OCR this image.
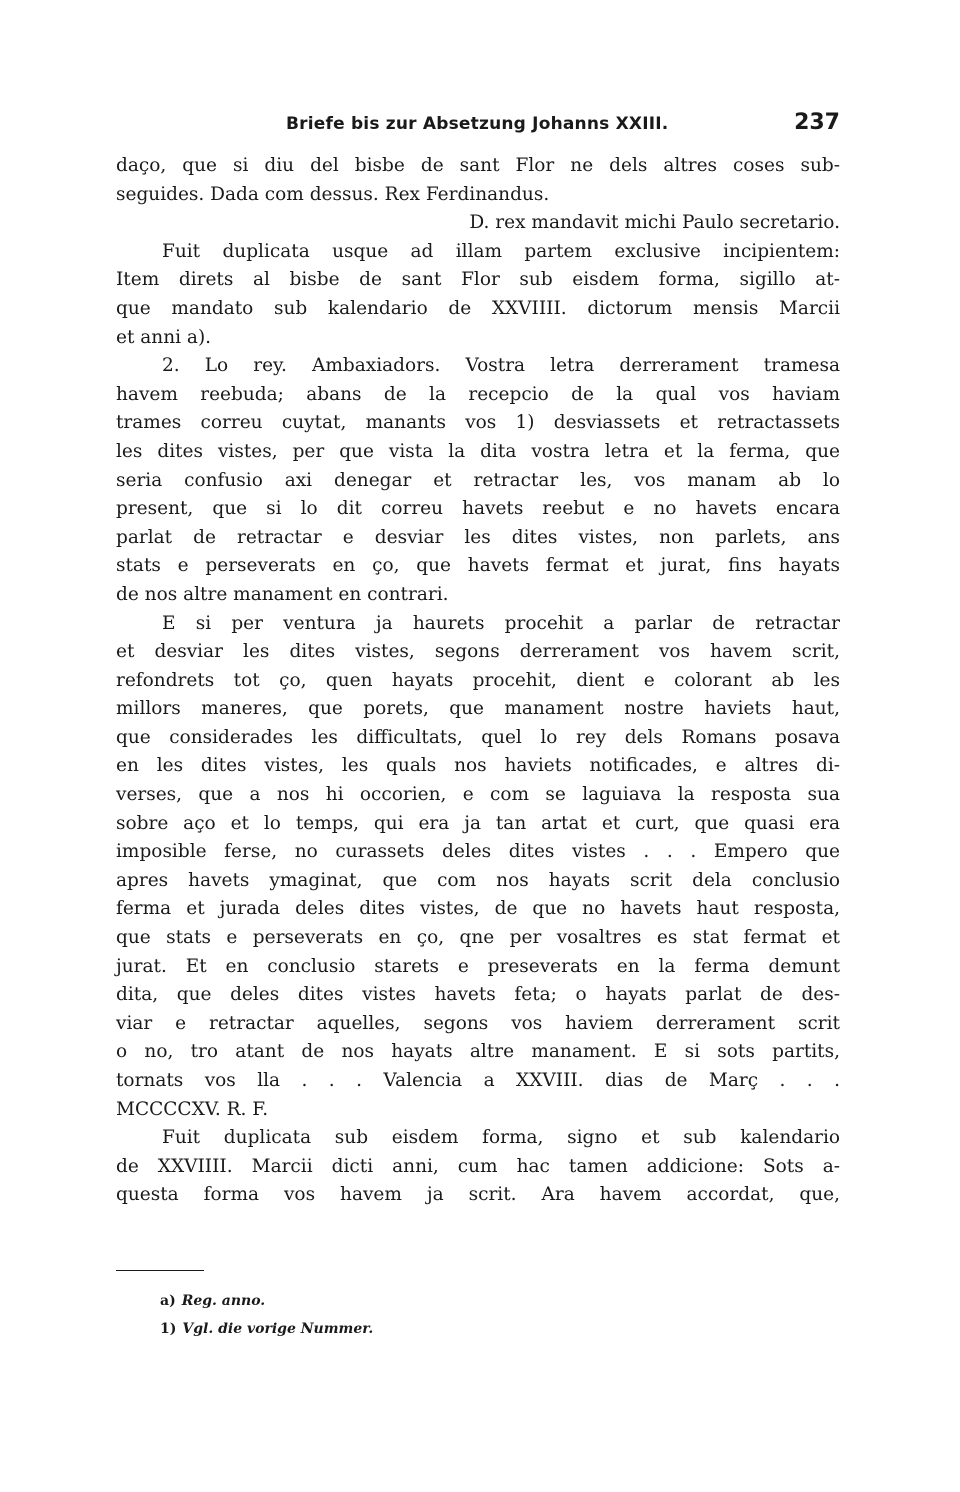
Briefe bis zur Absetzung Johanns XXIII.	237

daço, que si diu del bisbe de sant Flor ne dels altres coses sub-

seguides. Dada com dessus. Rex Ferdinandus.

D. rex mandavit michi Paulo secretario.

Fuit duplicata usque ad illam partem exclusive incipientem:

Item direts al bisbe de sant Flor sub eisdem forma, sigillo at-

que mandato sub kalendario de XXVIIII. dictorum mensis Marcii

et anni a).

2. Lo rey. Ambaxiadors. Vostra letra derrerament tramesa

havem reebuda; abans de la recepcio de la qual vos haviam

trames correu cuytat, manants vos 1) desviassets et retractassets

les dites vistes, per que vista la dita vostra letra et la ferma, que

seria confusio axi denegar et retractar les, vos manam ab lo

present, que si lo dit correu havets reebut e no havets encara

parlat de retractar e desviar les dites vistes, non parlets, ans

stats e perseverats en ço, que havets fermat et jurat, fins hayats

de nos altre manament en contrari.

E si per ventura ja haurets procehit a parlar de retractar

et desviar les dites vistes, segons derrerament vos havem scrit,

refondrets tot ço, quen hayats procehit, dient e colorant ab les

millors maneres, que porets, que manament nostre haviets haut,

que considerades les difficultats, quel lo rey dels Romans posava

en les dites vistes, les quals nos haviets notificades, e altres di-

verses, que a nos hi occorien, e com se laguiava la resposta sua

sobre aço et lo temps, qui era ja tan artat et curt, que quasi era

imposible ferse, no curassets deles dites vistes . . . Empero que

apres havets ymaginat, que com nos hayats scrit dela conclusio

ferma et jurada deles dites vistes, de que no havets haut resposta,

que stats e perseverats en ço, qne per vosaltres es stat fermat et

jurat. Et en conclusio starets e preseverats en la ferma demunt

dita, que deles dites vistes havets feta; o hayats parlat de des-

viar e retractar aquelles, segons vos haviem derrerament scrit

o no, tro atant de nos hayats altre manament. E si sots partits,

tornats vos lla . . . Valencia a XXVIII. dias de Març . . .

MCCCCXV. R. F.

Fuit duplicata sub eisdem forma, signo et sub kalendario

de XXVIIII. Marcii dicti anni, cum hac tamen addicione: Sots a-

questa forma vos havem ja scrit. Ara havem accordat, que,

a) Reg. anno.
1) Vgl. die vorige Nummer.
